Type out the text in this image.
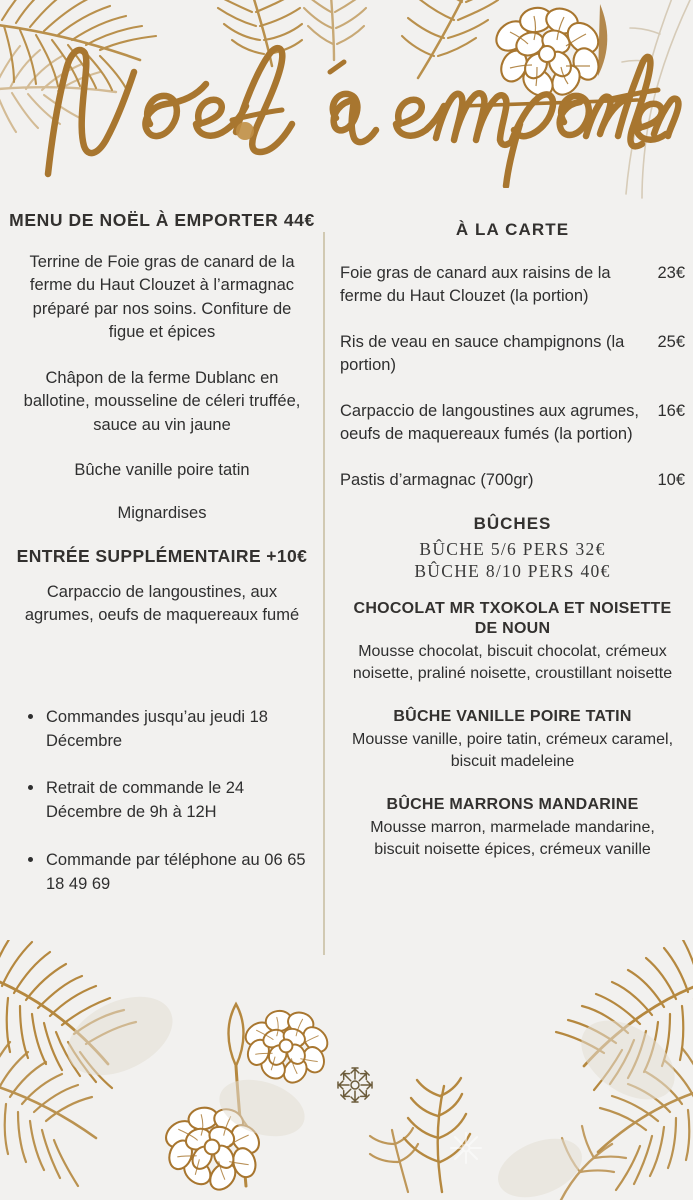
MENU DE NOËL À EMPORTER 44€

Terrine de Foie gras de canard de la ferme du Haut Clouzet à l’armagnac préparé par nos soins. Confiture de figue et épices

Châpon de la ferme Dublanc en ballotine, mousseline de céleri truffée, sauce au vin jaune

Bûche vanille poire tatin

Mignardises

ENTRÉE SUPPLÉMENTAIRE +10€

Carpaccio de langoustines, aux agrumes, oeufs de maquereaux fumé

Commandes jusqu’au jeudi 18 Décembre
Retrait de commande le 24 Décembre de 9h à 12H
Commande par téléphone au 06 65 18 49 69
À LA CARTE
Foie gras de canard aux raisins de la ferme du Haut Clouzet (la portion)
23€
Ris de veau en sauce champignons (la portion)
25€
Carpaccio de langoustines aux agrumes, oeufs de maquereaux fumés (la portion)
16€
Pastis d’armagnac (700gr)	10€
BÛCHES
BÛCHE 5/6 PERS 32€
BÛCHE 8/10 PERS 40€
CHOCOLAT MR TXOKOLA ET NOISETTE DE NOUN

Mousse chocolat, biscuit chocolat, crémeux noisette, praliné noisette, croustillant noisette

BÛCHE VANILLE POIRE TATIN

Mousse vanille, poire tatin, crémeux caramel, biscuit madeleine

BÛCHE MARRONS MANDARINE

Mousse marron, marmelade mandarine, biscuit noisette épices, crémeux vanille
